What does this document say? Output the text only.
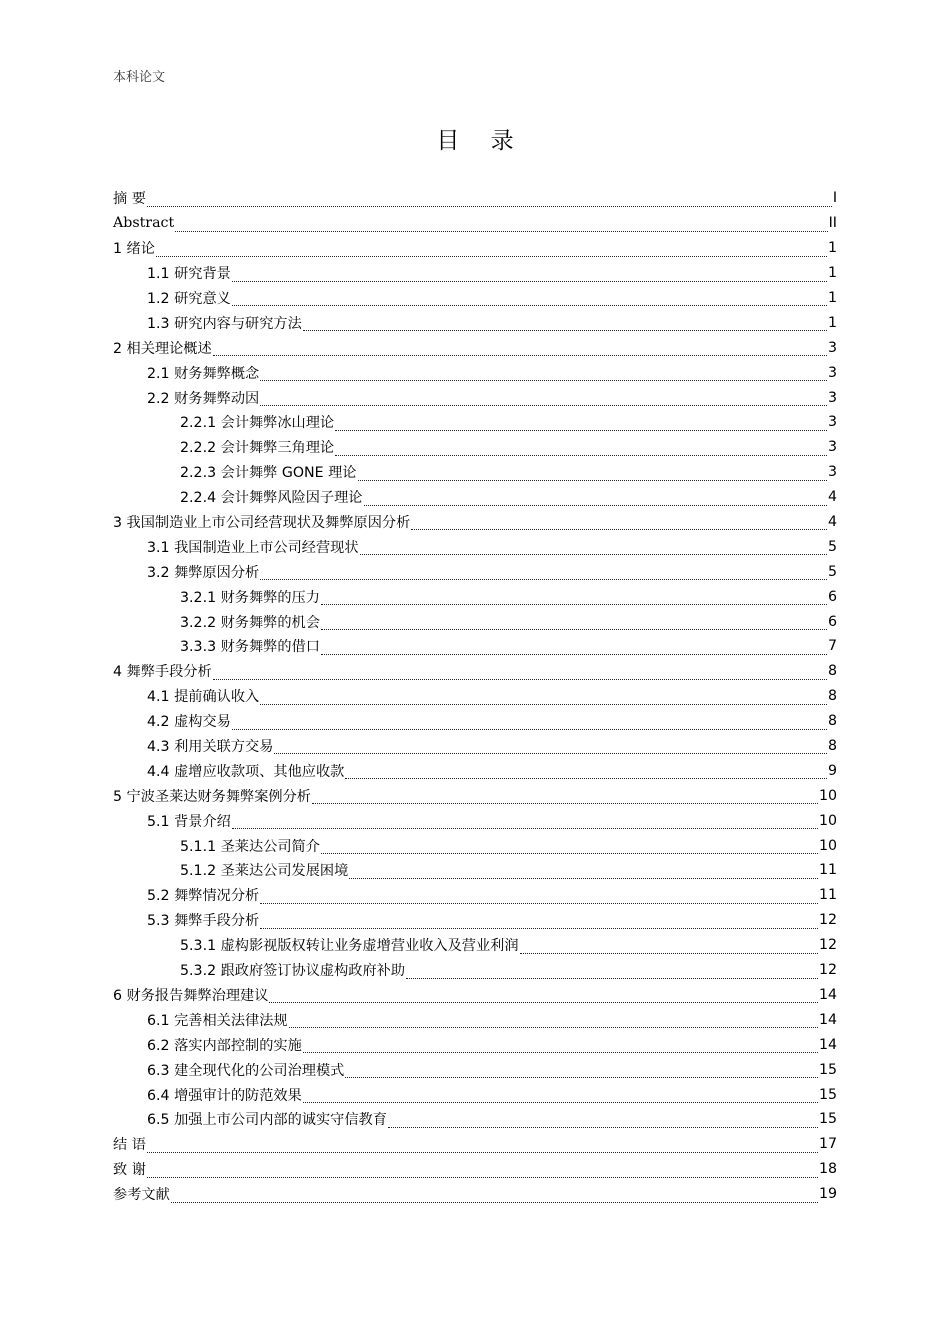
本科论文
目 录
摘 要	I
Abstract	II
1 绪论	1
1.1 研究背景	1
1.2 研究意义	1
1.3 研究内容与研究方法	1
2 相关理论概述	3
2.1 财务舞弊概念	3
2.2 财务舞弊动因	3
2.2.1 会计舞弊冰山理论	3
2.2.2 会计舞弊三角理论	3
2.2.3 会计舞弊 GONE 理论	3
2.2.4 会计舞弊风险因子理论	4
3 我国制造业上市公司经营现状及舞弊原因分析	4
3.1 我国制造业上市公司经营现状	5
3.2 舞弊原因分析	5
3.2.1 财务舞弊的压力	6
3.2.2 财务舞弊的机会	6
3.3.3 财务舞弊的借口	7
4 舞弊手段分析	8
4.1 提前确认收入	8
4.2 虚构交易	8
4.3 利用关联方交易	8
4.4 虚增应收款项、其他应收款	9
5 宁波圣莱达财务舞弊案例分析	10
5.1 背景介绍	10
5.1.1 圣莱达公司简介	10
5.1.2 圣莱达公司发展困境	11
5.2 舞弊情况分析	11
5.3 舞弊手段分析	12
5.3.1 虚构影视版权转让业务虚增营业收入及营业利润	12
5.3.2 跟政府签订协议虚构政府补助	12
6 财务报告舞弊治理建议	14
6.1 完善相关法律法规	14
6.2 落实内部控制的实施	14
6.3 建全现代化的公司治理模式	15
6.4 增强审计的防范效果	15
6.5 加强上市公司内部的诚实守信教育	15
结 语	17
致 谢	18
参考文献	19
